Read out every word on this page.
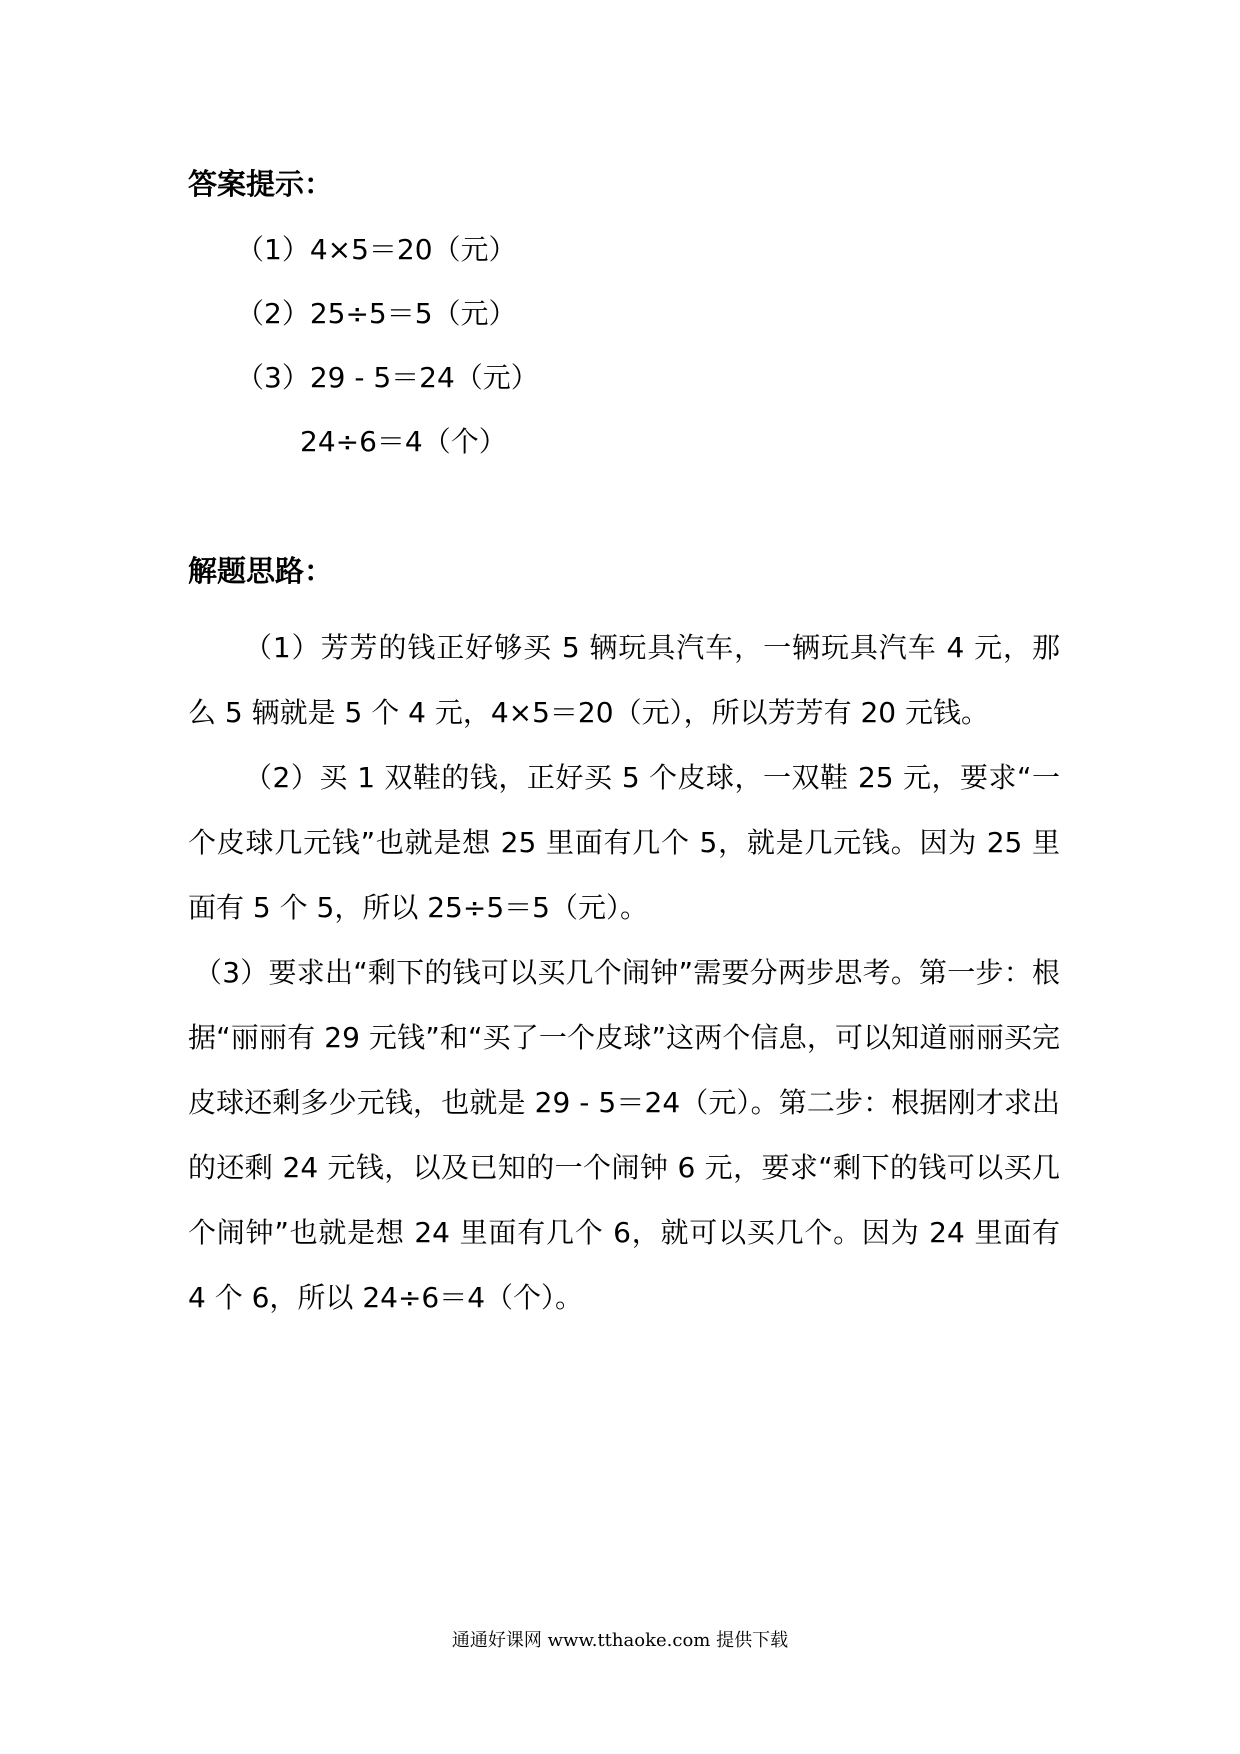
答案提示：
（1）4×5＝20（元）
（2）25÷5＝5（元）
（3）29 - 5＝24（元）
24÷6＝4（个）
解题思路：

（1）芳芳的钱正好够买 5 辆玩具汽车，一辆玩具汽车 4 元，那么 5 辆就是 5 个 4 元，4×5＝20（元），所以芳芳有 20 元钱。

（2）买 1 双鞋的钱，正好买 5 个皮球，一双鞋 25 元，要求“一个皮球几元钱”也就是想 25 里面有几个 5，就是几元钱。因为 25 里面有 5 个 5，所以 25÷5＝5（元）。

（3）要求出“剩下的钱可以买几个闹钟”需要分两步思考。第一步：根据“丽丽有 29 元钱”和“买了一个皮球”这两个信息，可以知道丽丽买完皮球还剩多少元钱，也就是 29 - 5＝24（元）。第二步：根据刚才求出的还剩 24 元钱，以及已知的一个闹钟 6 元，要求“剩下的钱可以买几个闹钟”也就是想 24 里面有几个 6，就可以买几个。因为 24 里面有 4 个 6，所以 24÷6＝4（个）。

通通好课网 www.tthaoke.com 提供下载
